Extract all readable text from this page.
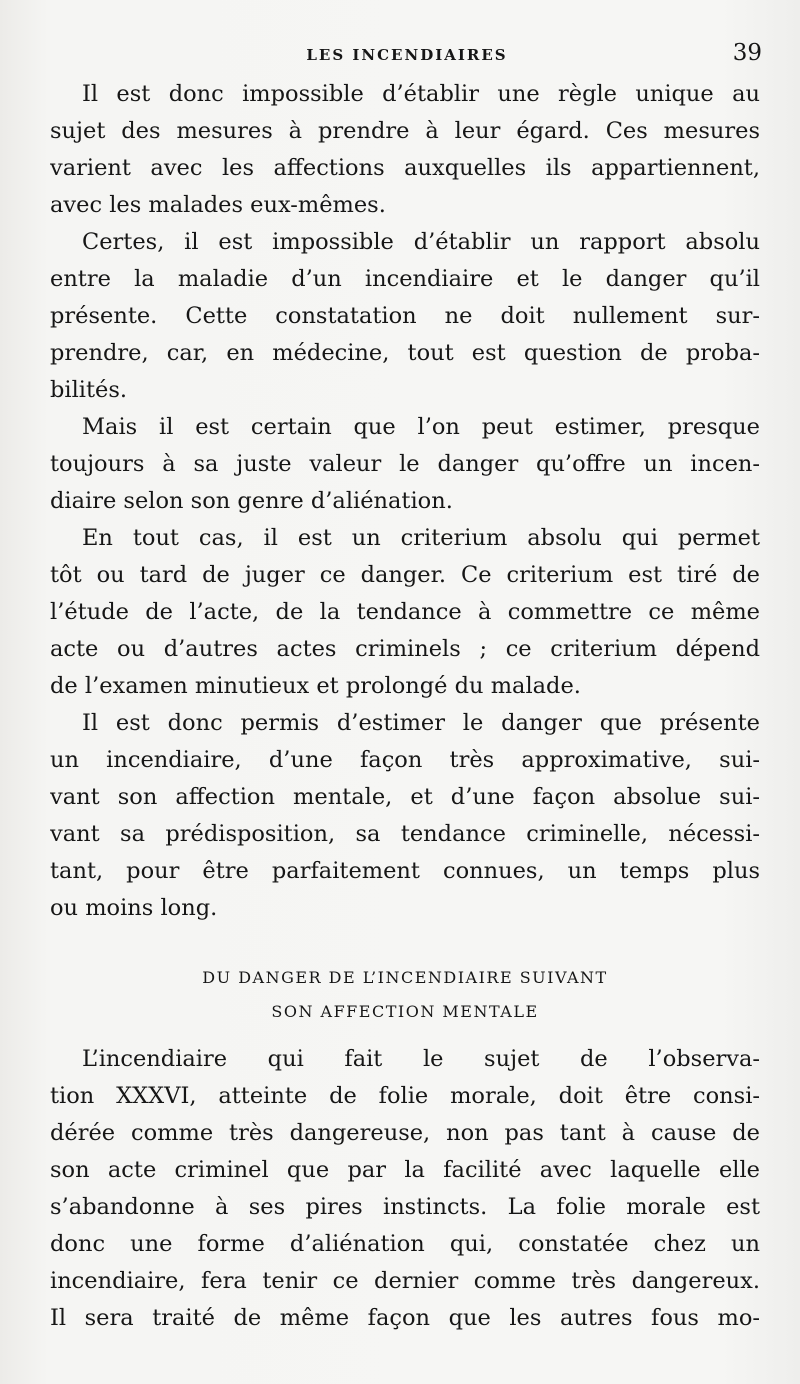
LES INCENDIAIRES	39
Il est donc impossible d’établir une règle unique au
sujet des mesures à prendre à leur égard. Ces mesures
varient avec les affections auxquelles ils appartiennent,
avec les malades eux-mêmes.
Certes, il est impossible d’établir un rapport absolu
entre la maladie d’un incendiaire et le danger qu’il
présente. Cette constatation ne doit nullement sur-
prendre, car, en médecine, tout est question de proba-
bilités.
Mais il est certain que l’on peut estimer, presque
toujours à sa juste valeur le danger qu’offre un incen-
diaire selon son genre d’aliénation.
En tout cas, il est un criterium absolu qui permet
tôt ou tard de juger ce danger. Ce criterium est tiré de
l’étude de l’acte, de la tendance à commettre ce même
acte ou d’autres actes criminels ; ce criterium dépend
de l’examen minutieux et prolongé du malade.
Il est donc permis d’estimer le danger que présente
un incendiaire, d’une façon très approximative, sui-
vant son affection mentale, et d’une façon absolue sui-
vant sa prédisposition, sa tendance criminelle, nécessi-
tant, pour être parfaitement connues, un temps plus
ou moins long.
DU DANGER DE L’INCENDIAIRE SUIVANT
SON AFFECTION MENTALE
L’incendiaire qui fait le sujet de l’observa-
tion XXXVI, atteinte de folie morale, doit être consi-
dérée comme très dangereuse, non pas tant à cause de
son acte criminel que par la facilité avec laquelle elle
s’abandonne à ses pires instincts. La folie morale est
donc une forme d’aliénation qui, constatée chez un
incendiaire, fera tenir ce dernier comme très dangereux.
Il sera traité de même façon que les autres fous mo-
